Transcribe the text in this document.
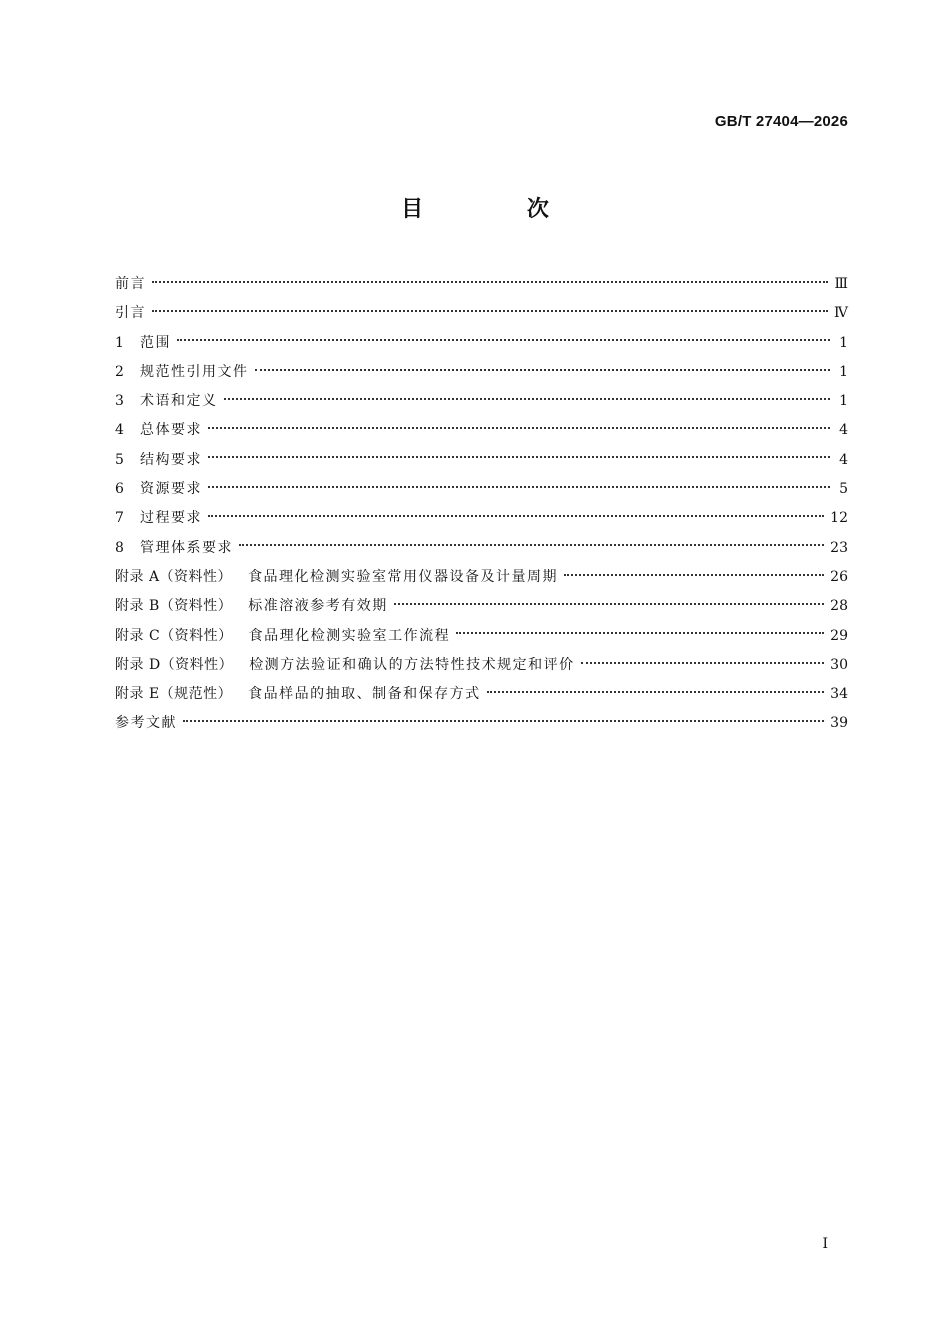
GB/T 27404—2026
目 次
前言	Ⅲ
引言	Ⅳ
1	范围	1
2	规范性引用文件	1
3	术语和定义	1
4	总体要求	4
5	结构要求	4
6	资源要求	5
7	过程要求	12
8	管理体系要求	23
附录 A（资料性） 食品理化检测实验室常用仪器设备及计量周期	26
附录 B（资料性） 标准溶液参考有效期	28
附录 C（资料性） 食品理化检测实验室工作流程	29
附录 D（资料性） 检测方法验证和确认的方法特性技术规定和评价	30
附录 E（规范性） 食品样品的抽取、制备和保存方式	34
参考文献	39
I
